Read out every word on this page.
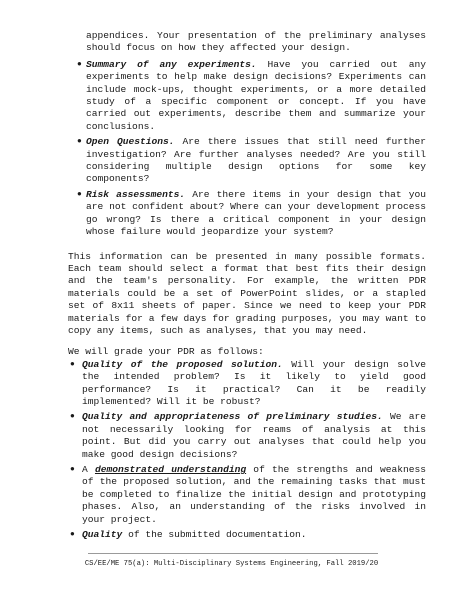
appendices. Your presentation of the preliminary analyses should focus on how they affected your design.

● Summary of any experiments. Have you carried out any experiments to help make design decisions? Experiments can include mock-ups, thought experiments, or a more detailed study of a specific component or concept. If you have carried out experiments, describe them and summarize your conclusions.
● Open Questions. Are there issues that still need further investigation? Are further analyses needed? Are you still considering multiple design options for some key components?
● Risk assessments. Are there items in your design that you are not confident about? Where can your development process go wrong? Is there a critical component in your design whose failure would jeopardize your system?

This information can be presented in many possible formats. Each team should select a format that best fits their design and the team's personality. For example, the written PDR materials could be a set of PowerPoint slides, or a stapled set of 8x11 sheets of paper. Since we need to keep your PDR materials for a few days for grading purposes, you may want to copy any items, such as analyses, that you may need.

We will grade your PDR as follows:

● Quality of the proposed solution. Will your design solve the intended problem? Is it likely to yield good performance? Is it practical? Can it be readily implemented? Will it be robust?
● Quality and appropriateness of preliminary studies. We are not necessarily looking for reams of analysis at this point. But did you carry out analyses that could help you make good design decisions?
● A demonstrated understanding of the strengths and weakness of the proposed solution, and the remaining tasks that must be completed to finalize the initial design and prototyping phases. Also, an understanding of the risks involved in your project.
● Quality of the submitted documentation.
CS/EE/ME 75(a): Multi-Disciplinary Systems Engineering, Fall 2019/20
